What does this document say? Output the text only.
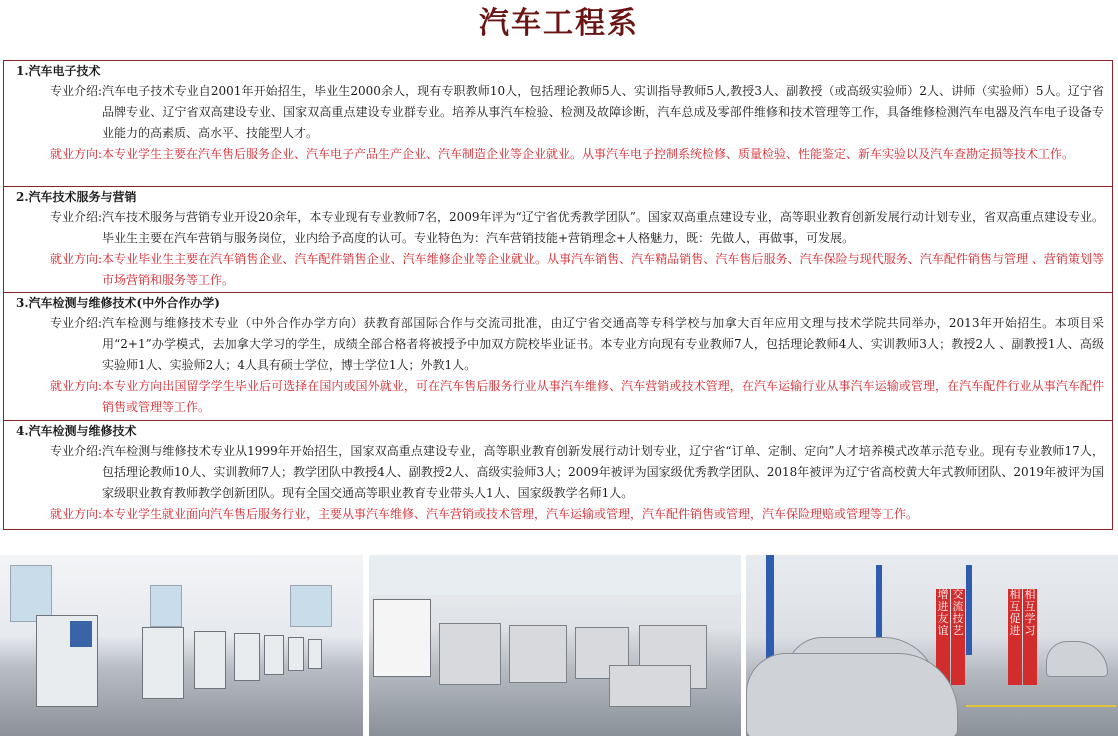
汽车工程系
1.汽车电子技术
专业介绍: 汽车电子技术专业自2001年开始招生，毕业生2000余人，现有专职教师10人，包括理论教师5人、实训指导教师5人,教授3人、副教授（或高级实验师）2人、讲师（实验师）5人。辽宁省品牌专业、辽宁省双高建设专业、国家双高重点建设专业群专业。培养从事汽车检验、检测及故障诊断，汽车总成及零部件维修和技术管理等工作，具备维修检测汽车电器及汽车电子设备专业能力的高素质、高水平、技能型人才。
就业方向: 本专业学生主要在汽车售后服务企业、汽车电子产品生产企业、汽车制造企业等企业就业。从事汽车电子控制系统检修、质量检验、性能鉴定、新车实验以及汽车查勘定损等技术工作。
2.汽车技术服务与营销
专业介绍: 汽车技术服务与营销专业开设20余年，本专业现有专业教师7名，2009年评为“辽宁省优秀教学团队”。国家双高重点建设专业，高等职业教育创新发展行动计划专业，省双高重点建设专业。毕业生主要在汽车营销与服务岗位，业内给予高度的认可。专业特色为：汽车营销技能+营销理念+人格魅力，既：先做人，再做事，可发展。
就业方向: 本专业毕业生主要在汽车销售企业、汽车配件销售企业、汽车维修企业等企业就业。从事汽车销售、汽车精品销售、汽车售后服务、汽车保险与现代服务、汽车配件销售与管理 、营销策划等市场营销和服务等工作。
3.汽车检测与维修技术(中外合作办学)
专业介绍: 汽车检测与维修技术专业（中外合作办学方向）获教育部国际合作与交流司批准，由辽宁省交通高等专科学校与加拿大百年应用文理与技术学院共同举办，2013年开始招生。本项目采用“2+1”办学模式，去加拿大学习的学生，成绩全部合格者将被授予中加双方院校毕业证书。本专业方向现有专业教师7人，包括理论教师4人、实训教师3人；教授2人 、副教授1人、高级实验师1人、实验师2人；4人具有硕士学位，博士学位1人；外教1人。
就业方向: 本专业方向出国留学学生毕业后可选择在国内或国外就业，可在汽车售后服务行业从事汽车维修、汽车营销或技术管理，在汽车运输行业从事汽车运输或管理，在汽车配件行业从事汽车配件销售或管理等工作。
4.汽车检测与维修技术
专业介绍: 汽车检测与维修技术专业从1999年开始招生，国家双高重点建设专业，高等职业教育创新发展行动计划专业，辽宁省“订单、定制、定向”人才培养模式改革示范专业。现有专业教师17人，包括理论教师10人、实训教师7人；教学团队中教授4人、副教授2人、高级实验师3人；2009年被评为国家级优秀教学团队、2018年被评为辽宁省高校黄大年式教师团队、2019年被评为国家级职业教育教师教学创新团队。现有全国交通高等职业教育专业带头人1人、国家级教学名师1人。
就业方向: 本专业学生就业面向汽车售后服务行业，主要从事汽车维修、汽车营销或技术管理，汽车运输或管理，汽车配件销售或管理，汽车保险理赔或管理等工作。
增进友谊
交流技艺
相互促进
相互学习
